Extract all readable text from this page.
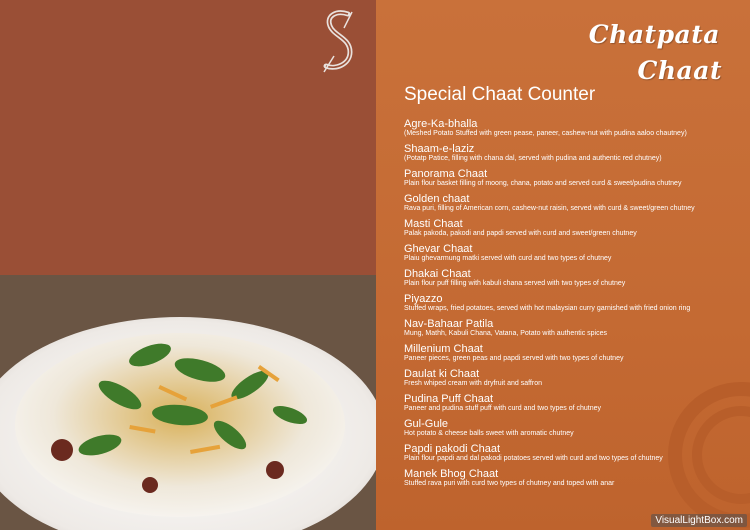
Chatpata
Chaat
Special Chaat Counter
Agre-Ka-bhalla
(Meshed Potato Stuffed with green pease, paneer, cashew-nut with pudina aaloo chautney)
Shaam-e-laziz
(Potatp Patice, filling with chana dal, served with pudina and authentic red chutney)
Panorama Chaat
Plain flour basket filling of moong, chana, potato and served curd & sweet/pudina chutney
Golden chaat
Rava puri, filling of American corn, cashew-nut raisin, served with curd & sweet/green chutney
Masti Chaat
Palak pakoda, pakodi and papdi served with curd and sweet/green chutney
Ghevar Chaat
Plaiu ghevarmung matki served with curd and two types of chutney
Dhakai Chaat
Plain flour puff filling with kabuli chana served with two types of chutney
Piyazzo
Stuffed wraps, fried potatoes, served with hot malaysian curry garnished with fried onion ring
Nav-Bahaar Patila
Mung, Mathh, Kabuli Chana, Vatana, Potato with authentic spices
Millenium Chaat
Paneer pieces, green peas and papdi served with two types of chutney
Daulat ki Chaat
Fresh whiped cream with dryfruit and saffron
Pudina Puff Chaat
Paneer and pudina stuff puff with curd and two types of chutney
Gul-Gule
Hot potato & cheese balls sweet with aromatic chutney
Papdi pakodi Chaat
Plain flour papdi and dal pakodi potatoes served with curd and two types of chutney
Manek Bhog Chaat
Stuffed rava puri with curd two types of chutney and toped with anar
VisualLightBox.com
